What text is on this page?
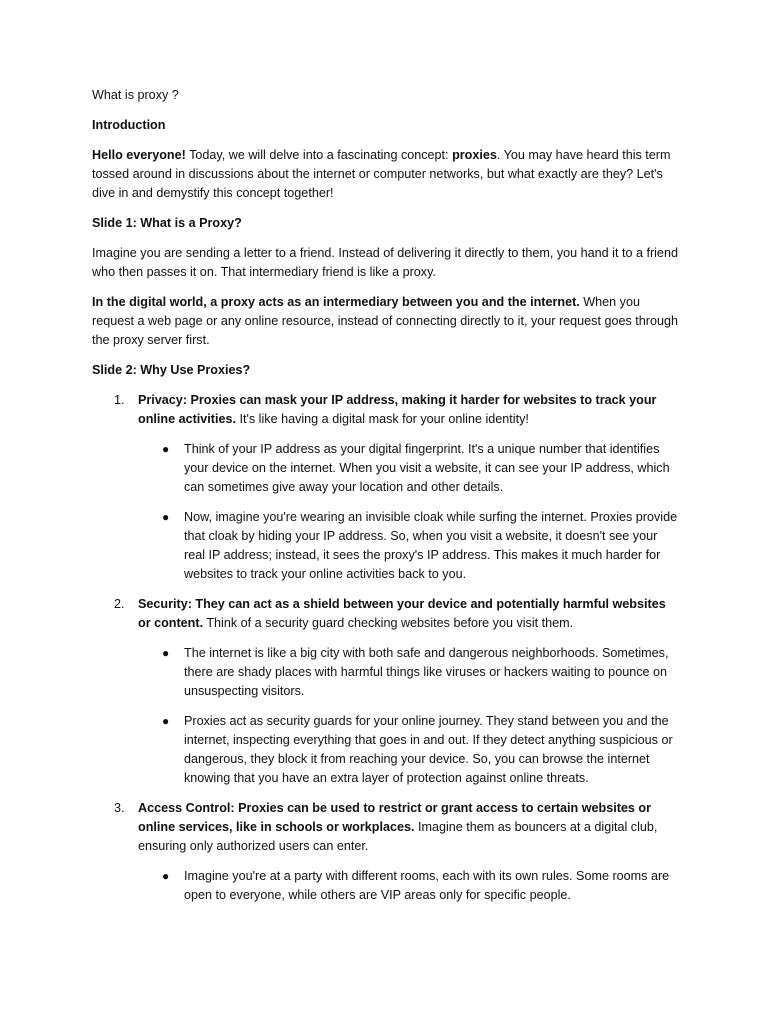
What is proxy ?

Introduction

Hello everyone! Today, we will delve into a fascinating concept: proxies. You may have heard this term tossed around in discussions about the internet or computer networks, but what exactly are they? Let's dive in and demystify this concept together!

Slide 1: What is a Proxy?

Imagine you are sending a letter to a friend. Instead of delivering it directly to them, you hand it to a friend who then passes it on. That intermediary friend is like a proxy.

In the digital world, a proxy acts as an intermediary between you and the internet. When you request a web page or any online resource, instead of connecting directly to it, your request goes through the proxy server first.

Slide 2: Why Use Proxies?

1. Privacy: Proxies can mask your IP address, making it harder for websites to track your online activities. It's like having a digital mask for your online identity!

● Think of your IP address as your digital fingerprint. It's a unique number that identifies your device on the internet. When you visit a website, it can see your IP address, which can sometimes give away your location and other details.
● Now, imagine you're wearing an invisible cloak while surfing the internet. Proxies provide that cloak by hiding your IP address. So, when you visit a website, it doesn't see your real IP address; instead, it sees the proxy's IP address. This makes it much harder for websites to track your online activities back to you.
2. Security: They can act as a shield between your device and potentially harmful websites or content. Think of a security guard checking websites before you visit them.

● The internet is like a big city with both safe and dangerous neighborhoods. Sometimes, there are shady places with harmful things like viruses or hackers waiting to pounce on unsuspecting visitors.
● Proxies act as security guards for your online journey. They stand between you and the internet, inspecting everything that goes in and out. If they detect anything suspicious or dangerous, they block it from reaching your device. So, you can browse the internet knowing that you have an extra layer of protection against online threats.
3. Access Control: Proxies can be used to restrict or grant access to certain websites or online services, like in schools or workplaces. Imagine them as bouncers at a digital club, ensuring only authorized users can enter.

● Imagine you're at a party with different rooms, each with its own rules. Some rooms are open to everyone, while others are VIP areas only for specific people.
